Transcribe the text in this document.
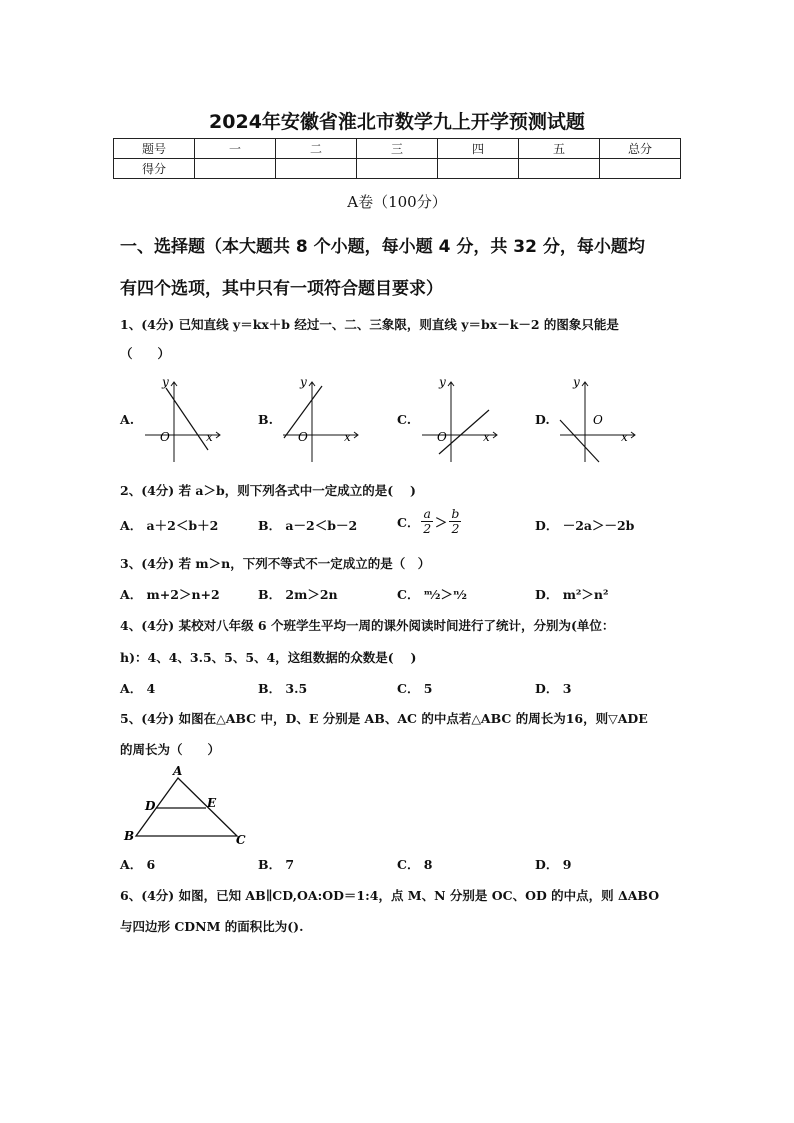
2024年安徽省淮北市数学九上开学预测试题
题号	一	二	三	四	五	总分
得分						
A卷（100分）
一、选择题（本大题共 8 个小题，每小题 4 分，共 32 分，每小题均
有四个选项，其中只有一项符合题目要求）
1、(4分) 已知直线 y＝kx＋b 经过一、二、三象限，则直线 y＝bx－k－2 的图象只能是
（　　）
A.
y
x
O
B.
y
x
O
C.
y
x
O
D.
y
x
O
2、(4分) 若 a＞b，则下列各式中一定成立的是(　 )
A． a＋2＜b＋2	B． a－2＜b－2	C． $\frac{a}{2} > \frac{b}{2}$	D． －2a＞－2b
3、(4分) 若 m＞n，下列不等式不一定成立的是（　）
A． m+2＞n+2	B． 2m＞2n	C． ᵐ⁄₂＞ⁿ⁄₂	D． m²＞n²
4、(4分) 某校对八年级 6 个班学生平均一周的课外阅读时间进行了统计，分别为(单位：
h)：4、4、3.5、5、5、4，这组数据的众数是(　 )
A． 4	B． 3.5	C． 5	D． 3
5、(4分) 如图在△ABC 中，D、E 分别是 AB、AC 的中点若△ABC 的周长为16，则▽ADE
的周长为（　　）
A
B	C
D	E
A． 6	B． 7	C． 8	D． 9
6、(4分) 如图，已知 AB∥CD,OA:OD＝1:4，点 M、N 分别是 OC、OD 的中点，则 ΔABO
与四边形 CDNM 的面积比为().
